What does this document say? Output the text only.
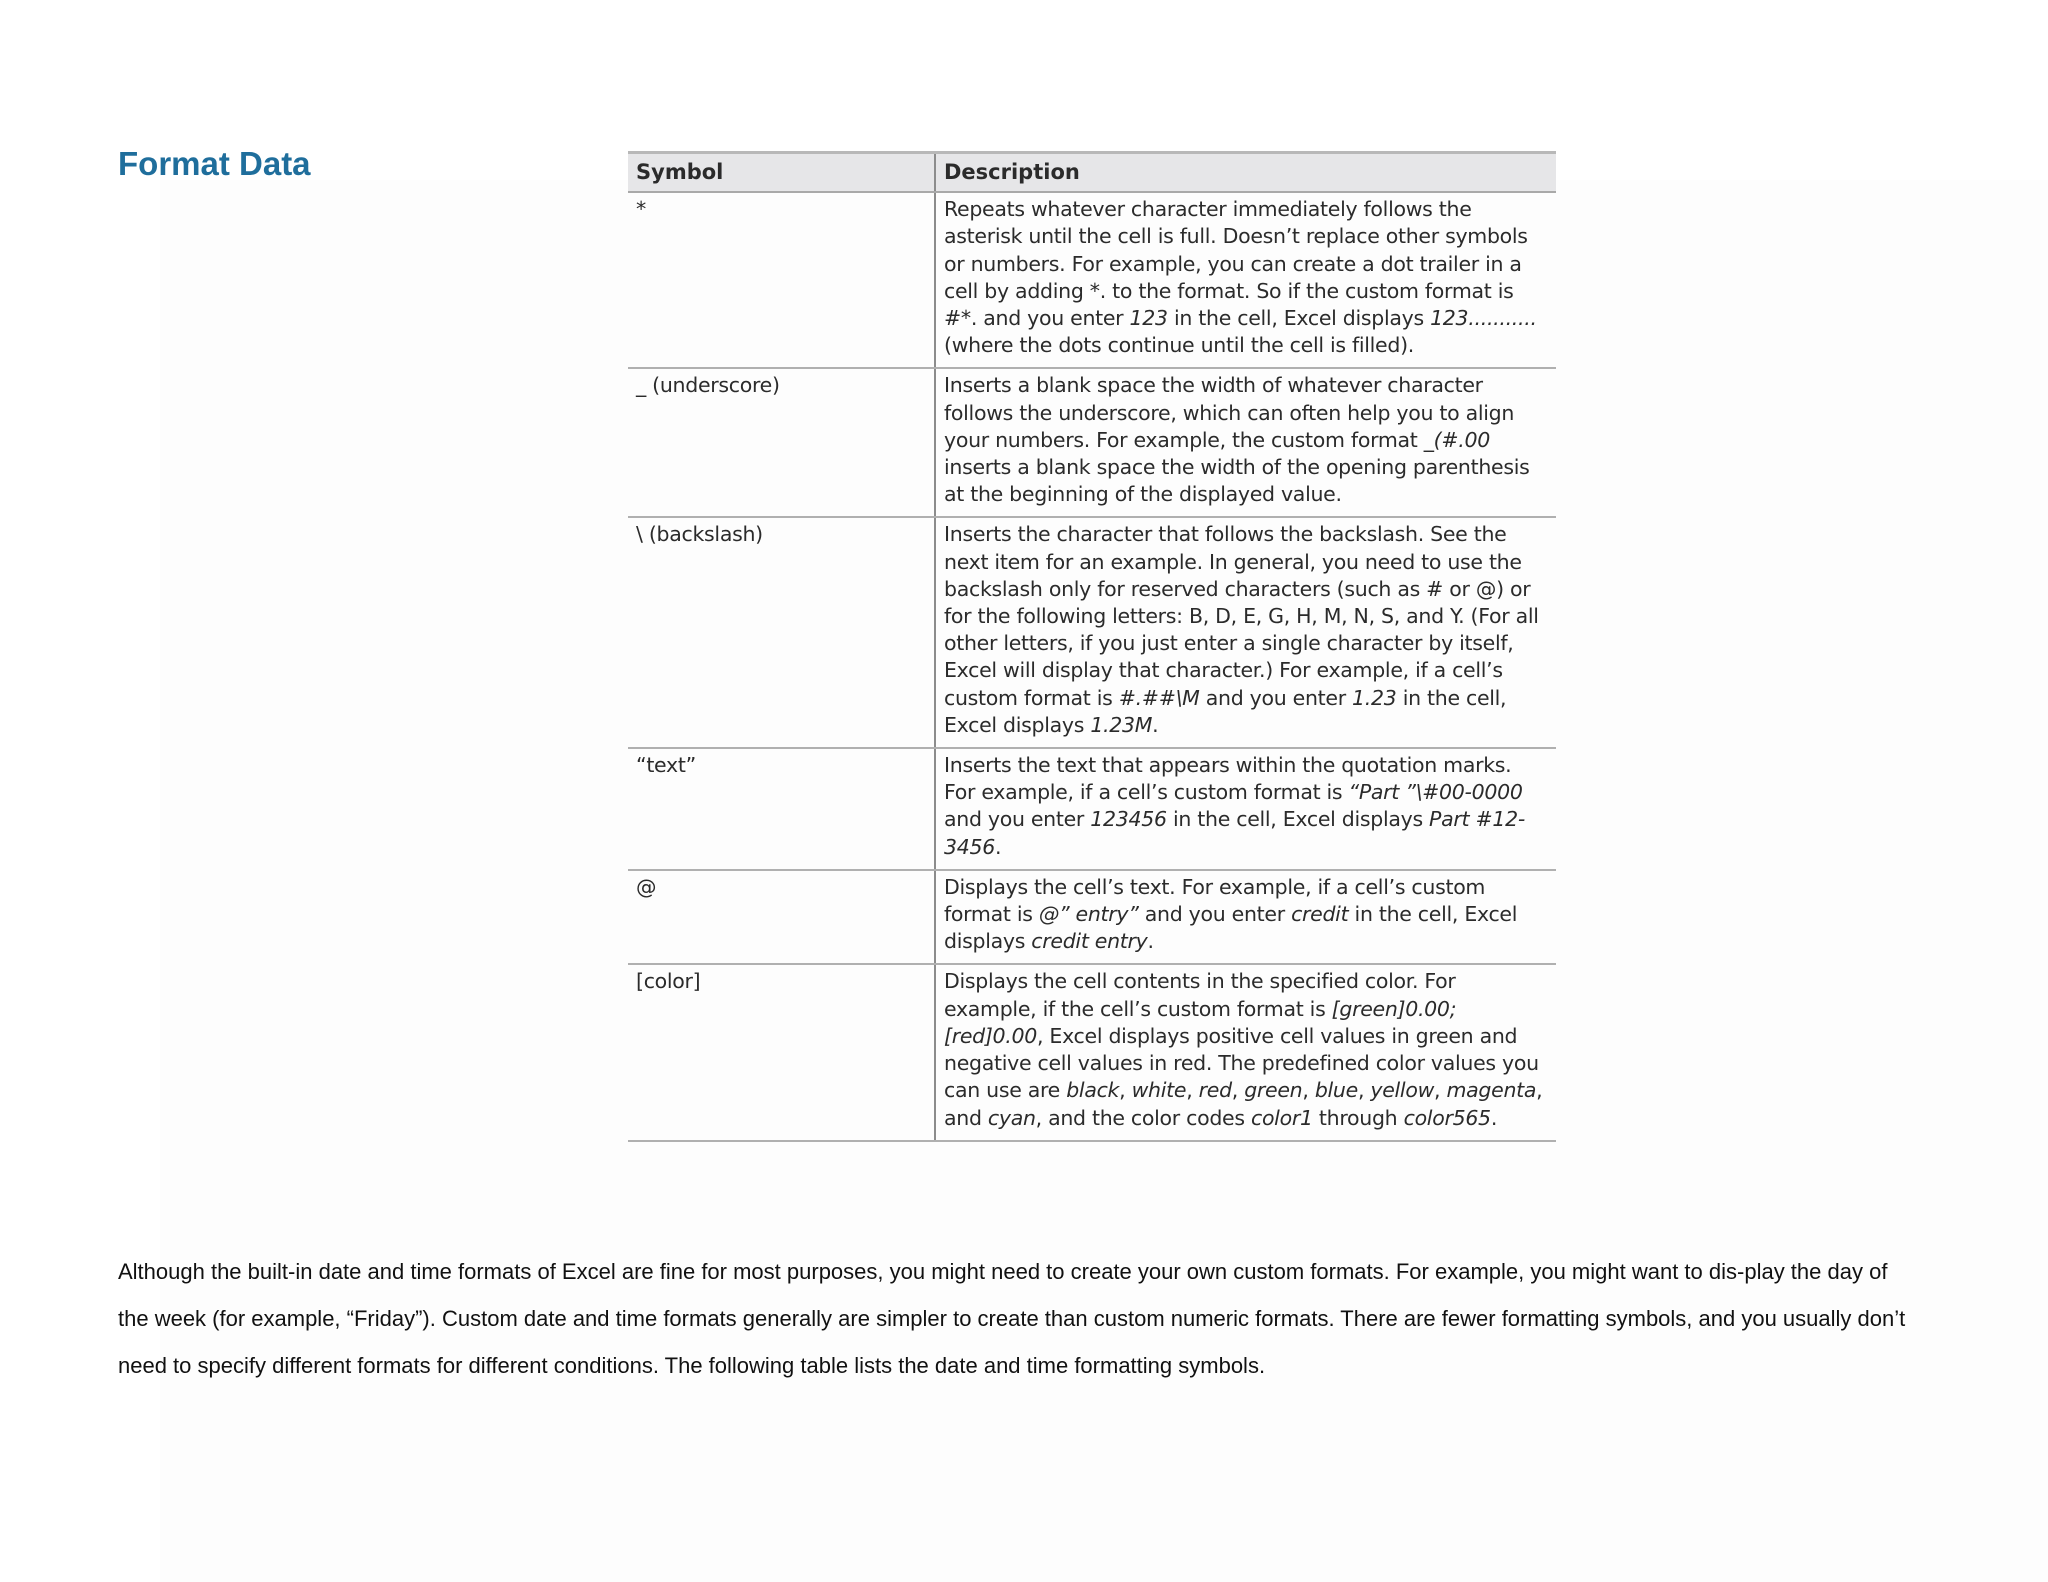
Format Data	Symbol	Description
*	Repeats whatever character immediately follows the asterisk until the cell is full. Doesn’t replace other symbols or numbers. For example, you can create a dot trailer in a cell by adding *. to the format. So if the custom format is #*. and you enter 123 in the cell, Excel displays 123........... (where the dots continue until the cell is filled).
_ (underscore)	Inserts a blank space the width of whatever character follows the underscore, which can often help you to align your numbers. For example, the custom format _(#.00 inserts a blank space the width of the opening parenthesis at the beginning of the displayed value.
\ (backslash)	Inserts the character that follows the backslash. See the next item for an example. In general, you need to use the backslash only for reserved characters (such as # or @) or for the following letters: B, D, E, G, H, M, N, S, and Y. (For all other letters, if you just enter a single character by itself, Excel will display that character.) For example, if a cell’s custom format is #.##\M and you enter 1.23 in the cell, Excel displays 1.23M.
“text”	Inserts the text that appears within the quotation marks. For example, if a cell’s custom format is “Part ”\#00-0000 and you enter 123456 in the cell, Excel displays Part #12-3456.
@	Displays the cell’s text. For example, if a cell’s custom format is @” entry” and you enter credit in the cell, Excel displays credit entry.
[color]	Displays the cell contents in the specified color. For example, if the cell’s custom format is [green]0.00;[red]0.00, Excel displays positive cell values in green and negative cell values in red. The predefined color values you can use are black, white, red, green, blue, yellow, magenta, and cyan, and the color codes color1 through color565.
Although the built-in date and time formats of Excel are fine for most purposes, you might need to create your own custom formats. For example, you might want to dis-play the day of the week (for example, “Friday”). Custom date and time formats generally are simpler to create than custom numeric formats. There are fewer formatting symbols, and you usually don’t need to specify different formats for different conditions. The following table lists the date and time formatting symbols.
